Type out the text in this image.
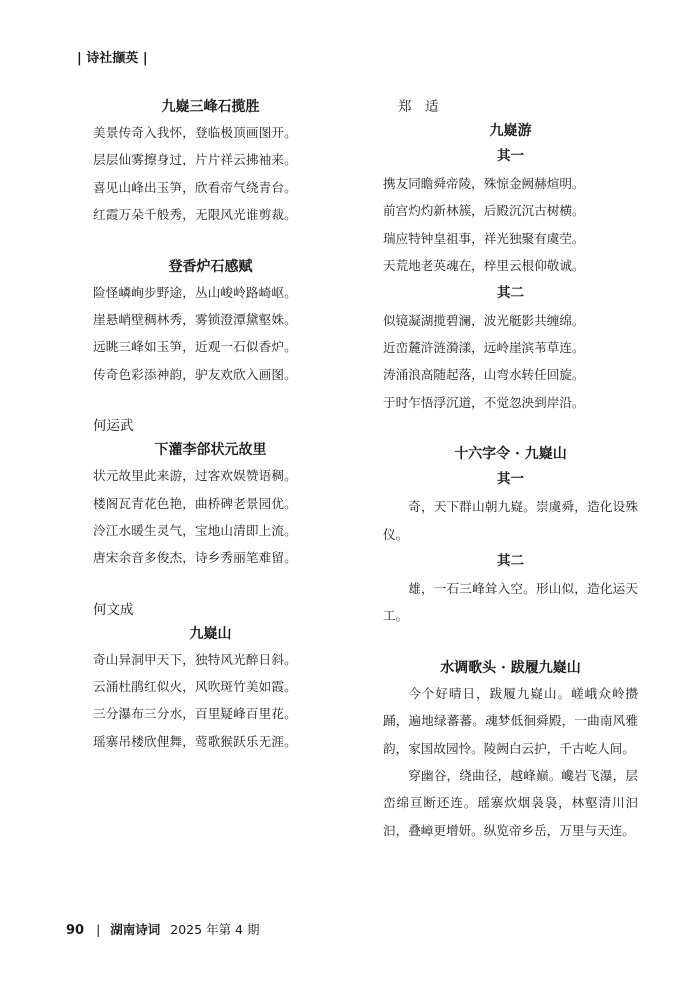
| 诗社撷英 |
九嶷三峰石揽胜
美景传奇入我怀，登临极顶画图开。
层层仙雾擦身过，片片祥云拂袖来。
喜见山峰出玉笋，欣看帝气绕青台。
红霞万朵千般秀，无限风光谁剪裁。
登香炉石感赋
险怪嶙峋步野途，丛山峻岭路崎岖。
崖悬峭壁稠林秀，雾锁澄潭黛壑姝。
远眺三峰如玉笋，近观一石似香炉。
传奇色彩添神韵，驴友欢欣入画图。
何运武
下灌李郃状元故里
状元故里此来游，过客欢娱赞语稠。
楼阁瓦青花色艳，曲桥碑老景园优。
泠江水暖生灵气，宝地山清即上流。
唐宋余音多俊杰，诗乡秀丽笔难留。
何文成
九嶷山
奇山异洞甲天下，独特风光醉日斜。
云涌杜鹃红似火，风吹斑竹美如霞。
三分瀑布三分水，百里疑峰百里花。
瑶寨吊楼欣俚舞，莺歌猴跃乐无涯。
郑　适
九嶷游
其一
携友同瞻舜帝陵，殊惊金阙赫煊明。
前宫灼灼新林簇，后殿沉沉古树横。
瑞应特钟皇祖事，祥光独聚有虞茔。
天荒地老英魂在，梓里云根仰敬诚。
其二
似镜凝湖揽碧澜，波光艇影共缠绵。
近峦麓浒涟漪漾，远岭崖滨苇草连。
涛涌浪高随起落，山弯水转任回旋。
于时乍悟浮沉道，不觉忽泱到岸沿。
十六字令 · 九嶷山
其一

奇，天下群山朝九嶷。崇虞舜，造化设殊仪。

其二

雄，一石三峰耸入空。形山似，造化运天工。

水调歌头 · 跋履九嶷山

今个好晴日，跋履九嶷山。嵯峨众岭攒踊，遍地绿蕃蕃。魂梦低徊舜殿，一曲南风雅韵，家国故园怜。陵阙白云护，千古屹人间。

穿幽谷，绕曲径，越峰巅。巉岩飞瀑，层峦绵亘断还连。瑶寨炊烟袅袅，林壑清川汩汩，叠嶂更增妍。纵览帝乡岳，万里与天连。

90 | 湖南诗词 2025 年第 4 期
